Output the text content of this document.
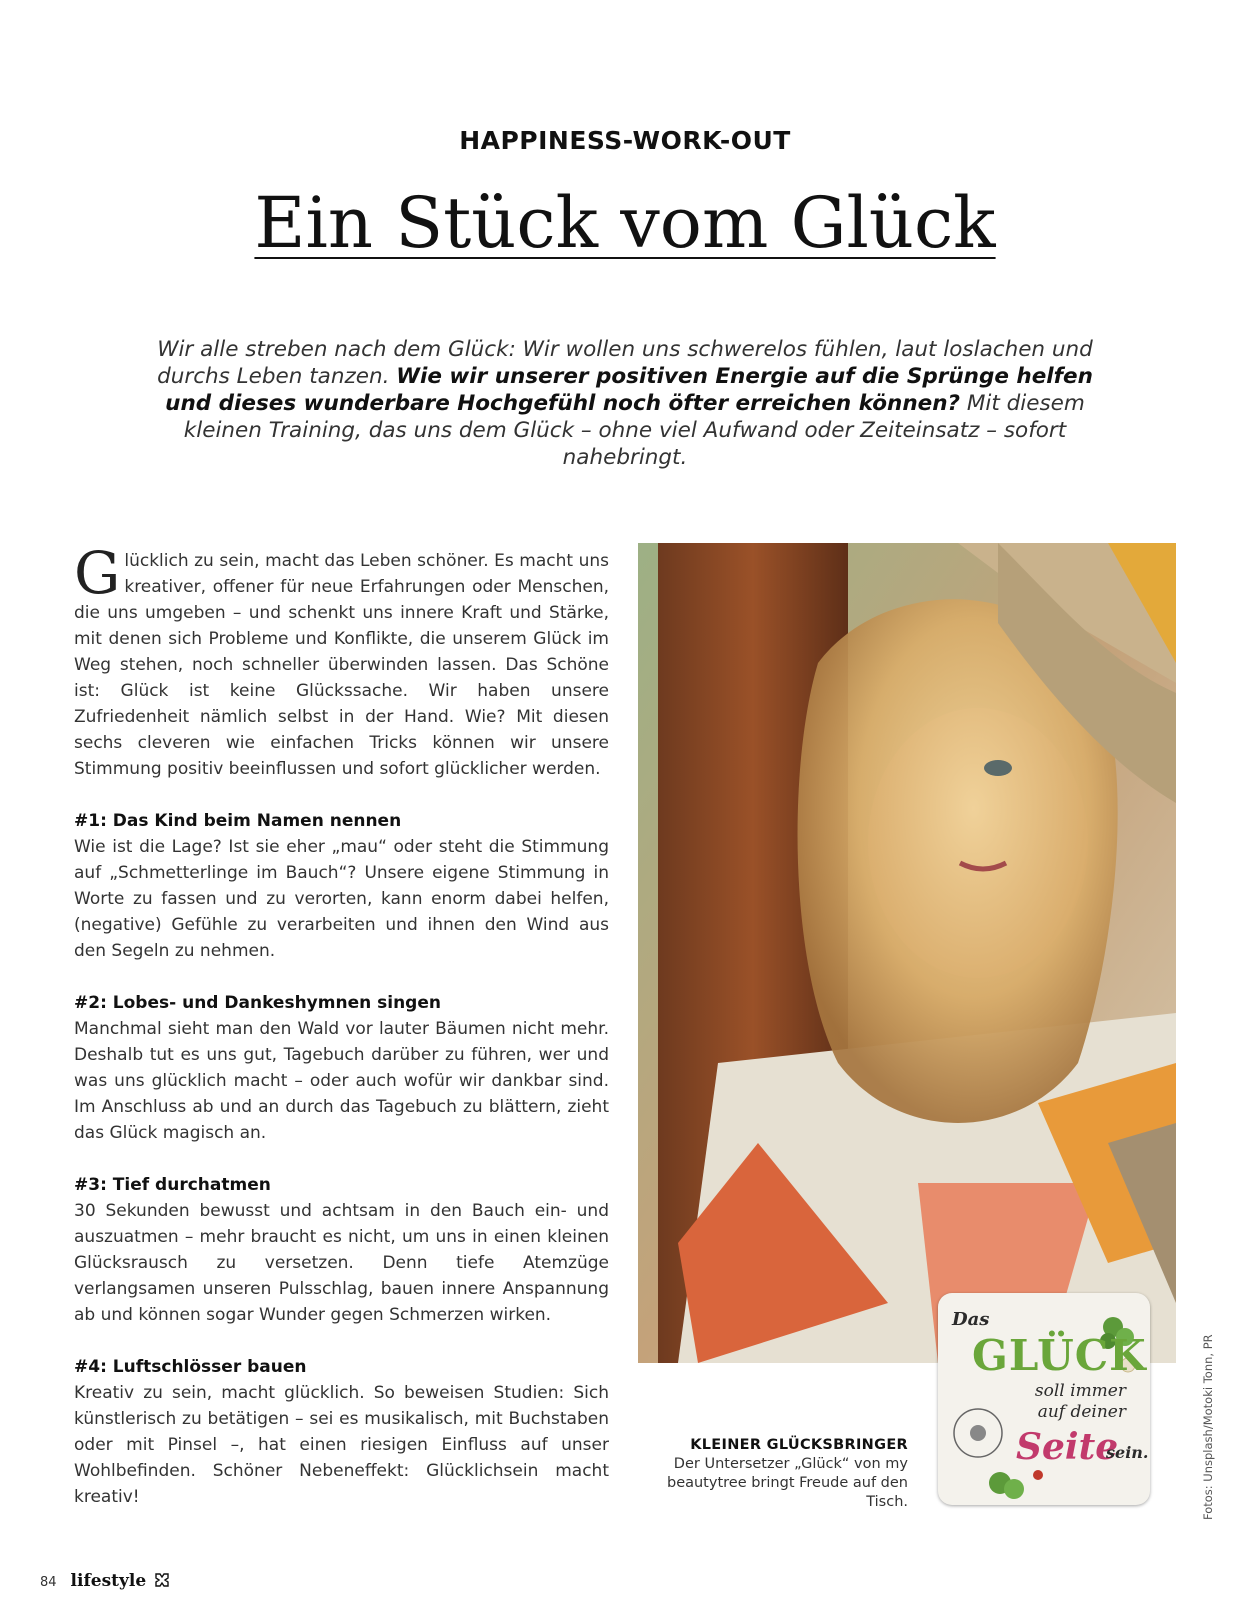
HAPPINESS-WORK-OUT
Ein Stück vom Glück
Wir alle streben nach dem Glück: Wir wollen uns schwerelos fühlen, laut loslachen und durchs Leben tanzen. Wie wir unserer positiven Energie auf die Sprünge helfen und dieses wunderbare Hochgefühl noch öfter erreichen können? Mit diesem kleinen Training, das uns dem Glück – ohne viel Aufwand oder Zeiteinsatz – sofort nahebringt.

Glücklich zu sein, macht das Leben schöner. Es macht uns kreativer, offener für neue Erfahrungen oder Menschen, die uns umgeben – und schenkt uns innere Kraft und Stärke, mit denen sich Probleme und Konflikte, die unserem Glück im Weg stehen, noch schneller überwinden lassen. Das Schöne ist: Glück ist keine Glückssache. Wir haben unsere Zufriedenheit nämlich selbst in der Hand. Wie? Mit diesen sechs cleveren wie einfachen Tricks können wir unsere Stimmung positiv beeinflussen und sofort glücklicher werden.

#1: Das Kind beim Namen nennen

Wie ist die Lage? Ist sie eher „mau“ oder steht die Stimmung auf „Schmetterlinge im Bauch“? Unsere eigene Stimmung in Worte zu fassen und zu verorten, kann enorm dabei helfen, (negative) Gefühle zu verarbeiten und ihnen den Wind aus den Segeln zu nehmen.

#2: Lobes- und Dankeshymnen singen

Manchmal sieht man den Wald vor lauter Bäumen nicht mehr. Deshalb tut es uns gut, Tagebuch darüber zu führen, wer und was uns glücklich macht – oder auch wofür wir dankbar sind. Im Anschluss ab und an durch das Tagebuch zu blättern, zieht das Glück magisch an.

#3: Tief durchatmen

30 Sekunden bewusst und achtsam in den Bauch ein- und auszuatmen – mehr braucht es nicht, um uns in einen kleinen Glücksrausch zu versetzen. Denn tiefe Atemzüge verlangsamen unseren Pulsschlag, bauen innere Anspannung ab und können sogar Wunder gegen Schmerzen wirken.

#4: Luftschlösser bauen

Kreativ zu sein, macht glücklich. So beweisen Studien: Sich künstlerisch zu betätigen – sei es musikalisch, mit Buchstaben oder mit Pinsel –, hat einen riesigen Einfluss auf unser Wohlbefinden. Schöner Nebeneffekt: Glücklichsein macht kreativ!

Das
GLÜCK
soll immer
auf deiner
Seite
sein.
KLEINER GLÜCKSBRINGER
Der Untersetzer „Glück“ von my beautytree bringt Freude auf den Tisch.	Fotos: Unsplash/Motoki Tonn, PR
84 lifestyle
